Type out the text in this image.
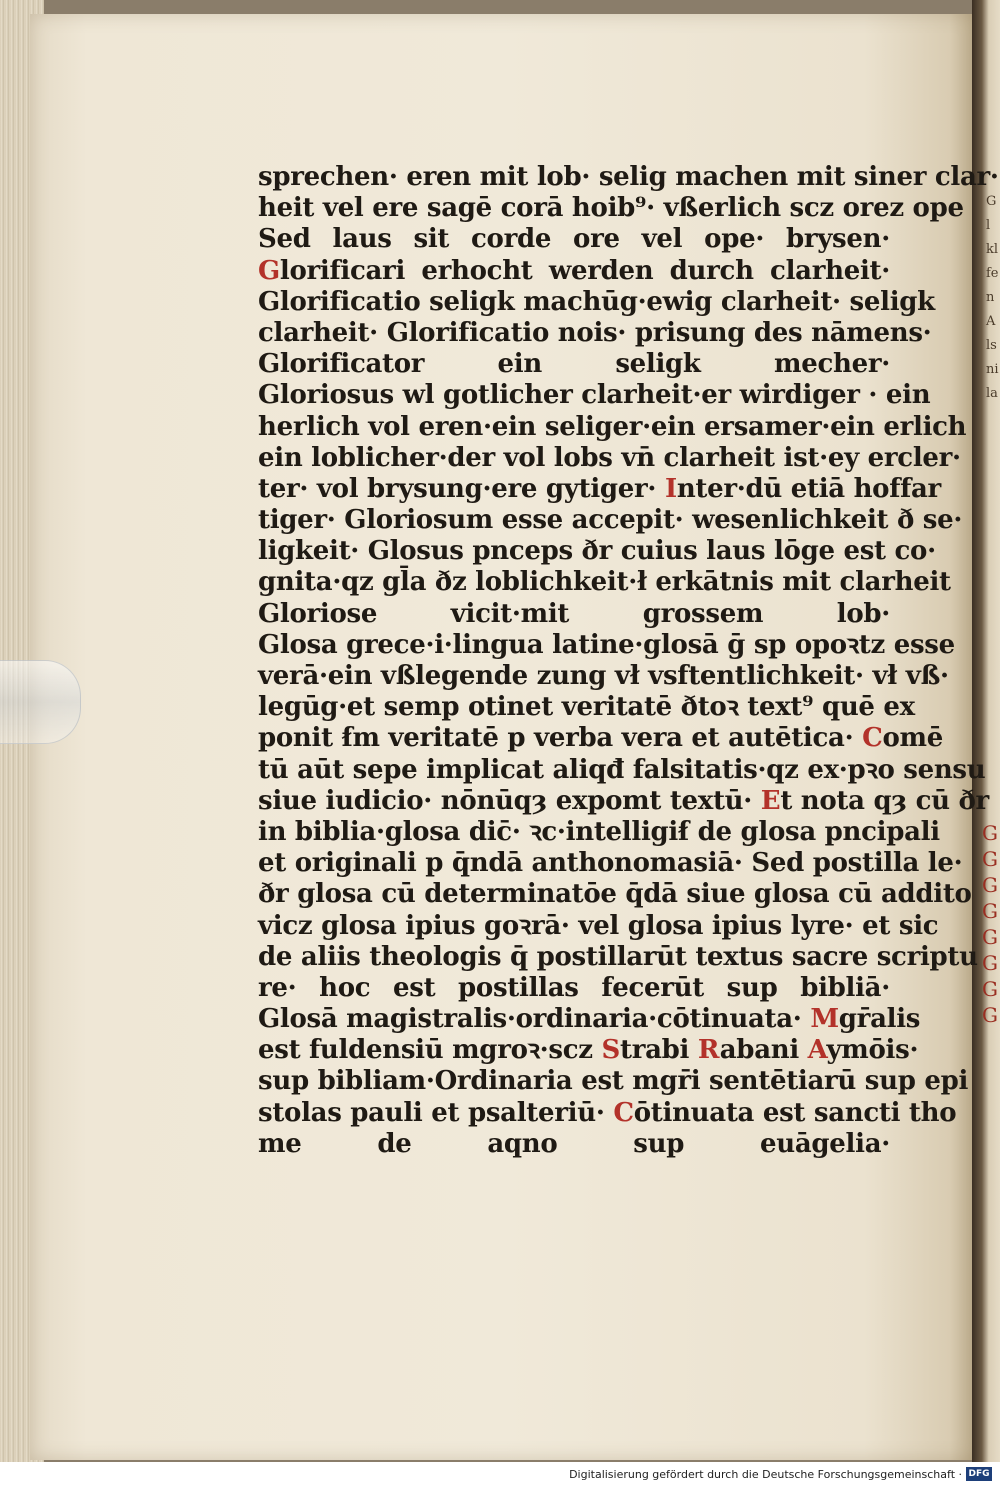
Gl kl fe n A ls ni la
G G G G G G G G
sprechen· eren mit lob· selig machen mit siner clar·
heit vel ere sagē corā hoib⁹· vßerlich scz orez ope
Sed laus sit corde ore vel ope· brysen·
Glorificari erhocht werden durch clarheit·
Glorificatio seligk machūg·ewig clarheit· seligk
clarheit· Glorificatio nois· prisung des nāmens·
Glorificator ein seligk mecher·
Gloriosus wl gotlicher clarheit·er wirdiger · ein
herlich vol eren·ein seliger·ein ersamer·ein erlich
ein loblicher·der vol lobs vn̄ clarheit ist·ey ercler·
ter· vol brysung·ere gytiger· Inter·dū etiā hoffar
tiger· Gloriosum esse accepit· wesenlichkeit ð se·
ligkeit· Glosus pnceps ðr cuius laus lōge est co·
gnita·qz gl̄a ðz loblichkeit·ł erkātnis mit clarheit
Gloriose vicit·mit grossem lob·
Glosa grece·i·lingua latine·glosā ḡ sp opoꝛtz esse
verā·ein vßlegende zung vł vsftentlichkeit· vł vß·
legūg·et semp otinet veritatē ðtoꝛ text⁹ quē ex
ponit ẜm veritatē p verba vera et autētica· Comē
tū aūt sepe implicat aliqđ falsitatis·qz ex·pꝛo sensu
siue iudicio· nōnūqȝ expomt textū· Et nota qȝ cū ðr
in biblia·glosa dic̄· ꝛc·intelligiẜ de glosa pncipali
et originali p q̄ndā anthonomasiā· Sed postilla le·
ðr glosa cū determinatōe q̄dā siue glosa cū addito
vicz glosa ipius goꝛrā· vel glosa ipius lyre· et sic
de aliis theologis q̄ postillarūt textus sacre scriptu
re· hoc est postillas fecerūt sup bibliā·
Glosā magistralis·ordinaria·cōtinuata· Mgr̄alis
est fuldensiū mgroꝛ·scz Strabi Rabani Aymōis·
sup bibliam·Ordinaria est mgr̄i sentētiarū sup epi
stolas pauli et psalteriū· Cōtinuata est sancti tho
me de aqno sup euāgelia·
Digitalisierung gefördert durch die Deutsche Forschungsgemeinschaft · DFG
